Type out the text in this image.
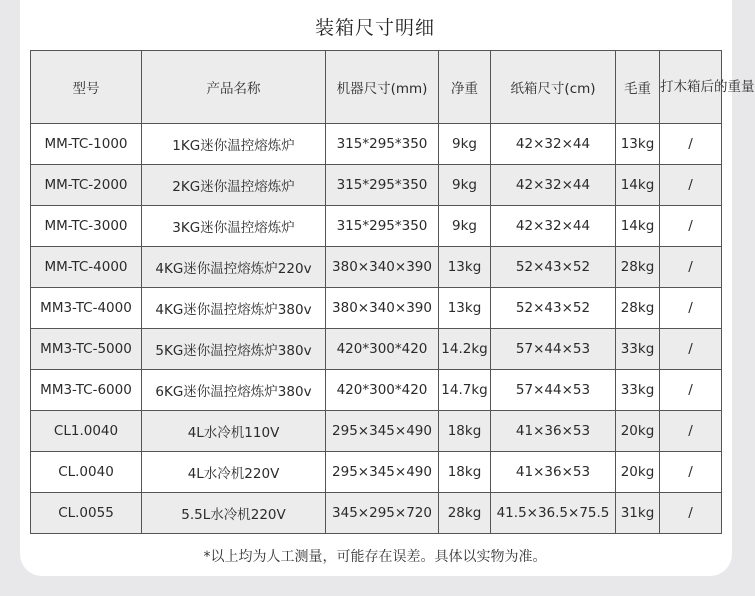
装箱尺寸明细
型号	产品名称	机器尺寸(mm)	净重	纸箱尺寸(cm)	毛重	打木箱后的重量
MM-TC-1000	1KG迷你温控熔炼炉	315*295*350	9kg	42×32×44	13kg	/
MM-TC-2000	2KG迷你温控熔炼炉	315*295*350	9kg	42×32×44	14kg	/
MM-TC-3000	3KG迷你温控熔炼炉	315*295*350	9kg	42×32×44	14kg	/
MM-TC-4000	4KG迷你温控熔炼炉220v	380×340×390	13kg	52×43×52	28kg	/
MM3-TC-4000	4KG迷你温控熔炼炉380v	380×340×390	13kg	52×43×52	28kg	/
MM3-TC-5000	5KG迷你温控熔炼炉380v	420*300*420	14.2kg	57×44×53	33kg	/
MM3-TC-6000	6KG迷你温控熔炼炉380v	420*300*420	14.7kg	57×44×53	33kg	/
CL1.0040	4L水冷机110V	295×345×490	18kg	41×36×53	20kg	/
CL.0040	4L水冷机220V	295×345×490	18kg	41×36×53	20kg	/
CL.0055	5.5L水冷机220V	345×295×720	28kg	41.5×36.5×75.5	31kg	/
*以上均为人工测量，可能存在误差。具体以实物为准。
